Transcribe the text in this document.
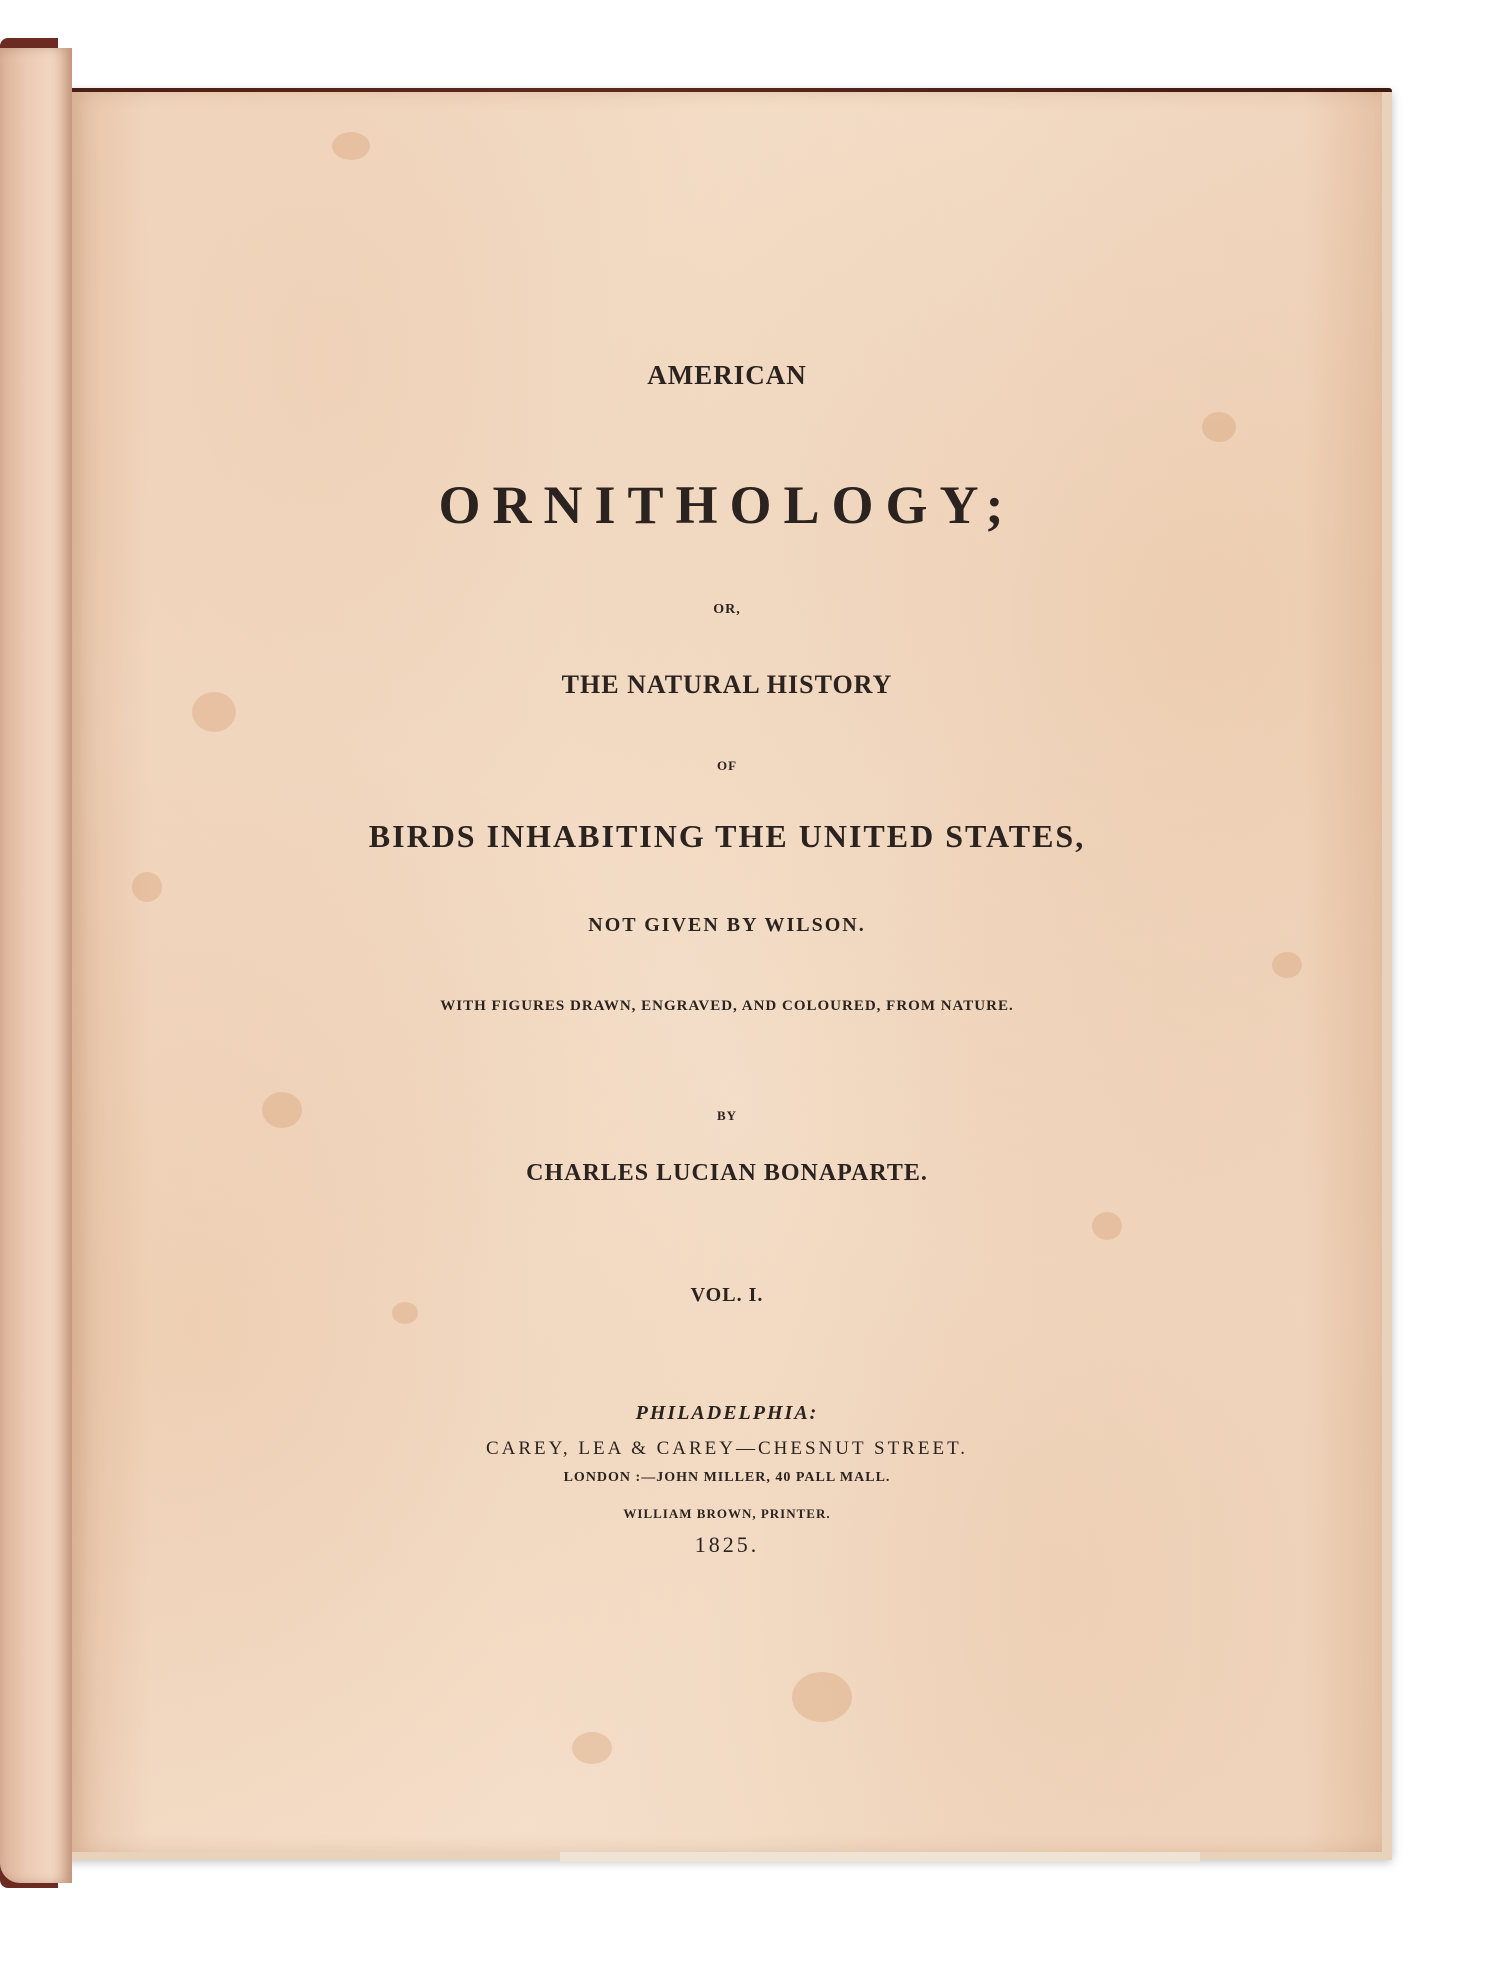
AMERICAN

ORNITHOLOGY;

OR,

THE NATURAL HISTORY

OF

BIRDS INHABITING THE UNITED STATES,

NOT GIVEN BY WILSON.

WITH FIGURES DRAWN, ENGRAVED, AND COLOURED, FROM NATURE.

BY

CHARLES LUCIAN BONAPARTE.

VOL. I.

PHILADELPHIA:

CAREY, LEA & CAREY—CHESNUT STREET.

LONDON :—JOHN MILLER, 40 PALL MALL.

WILLIAM BROWN, PRINTER.

1825.
